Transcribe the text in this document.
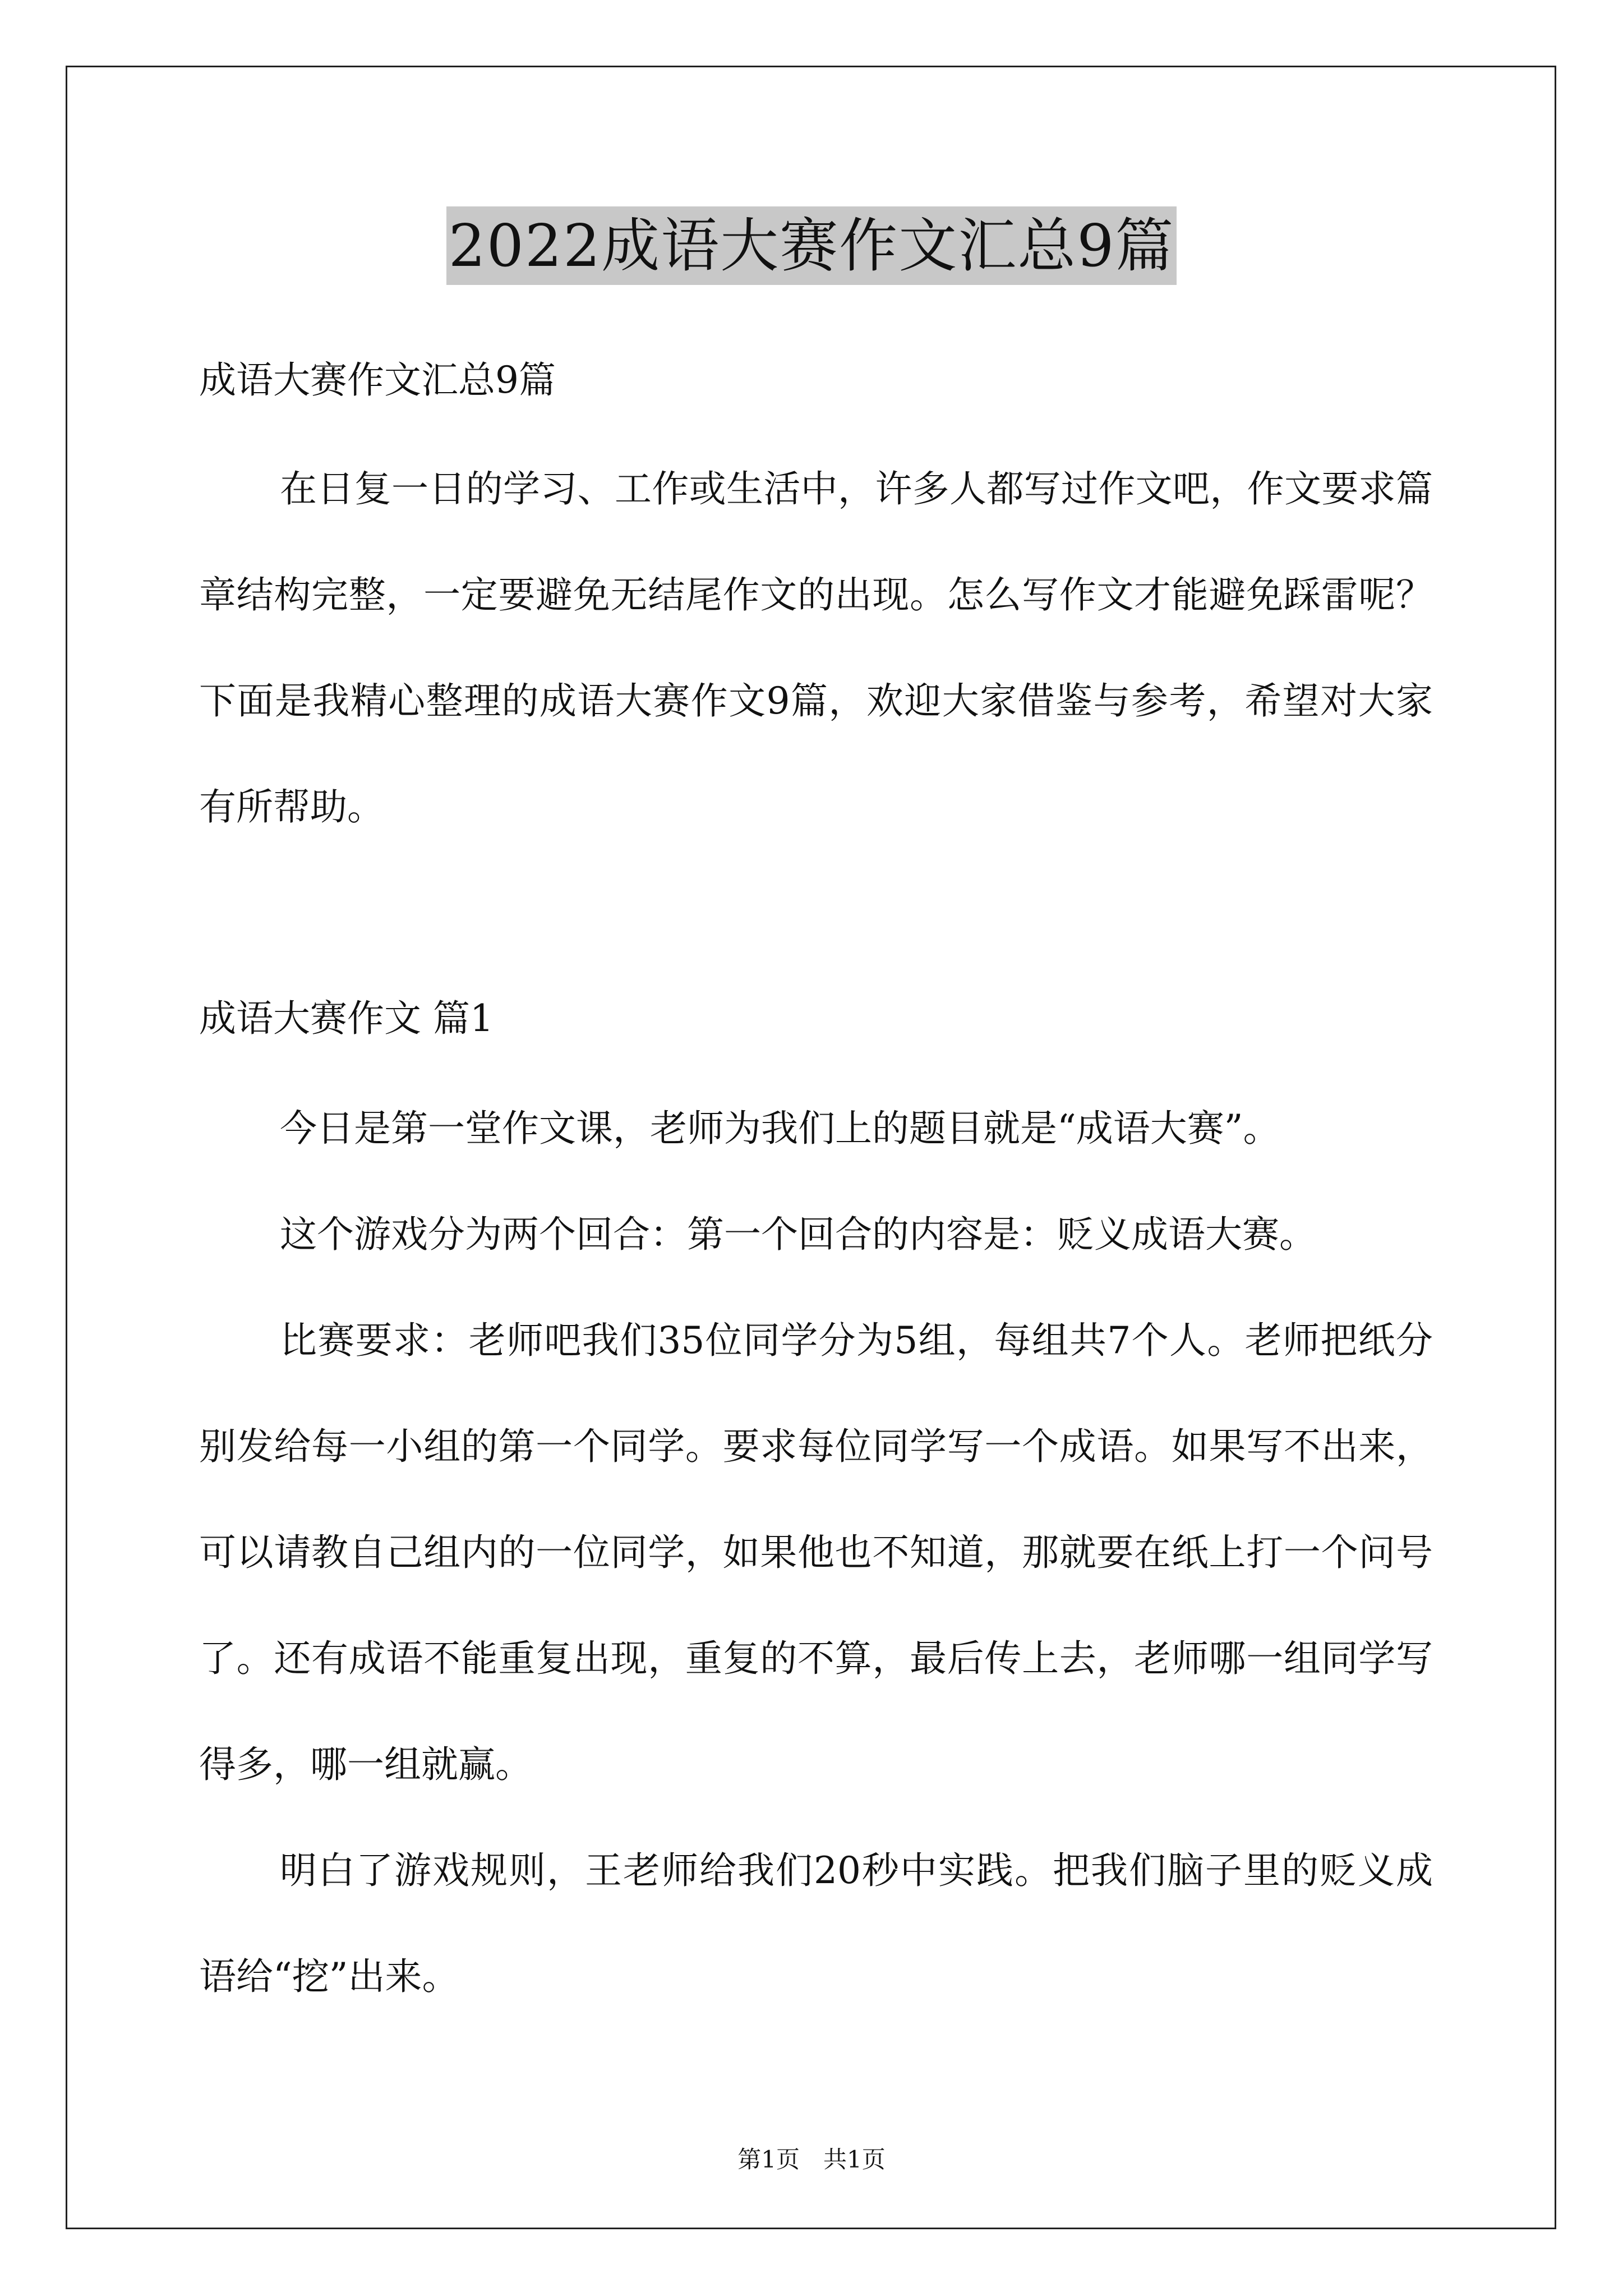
2022成语大赛作文汇总9篇

成语大赛作文汇总9篇

在日复一日的学习、工作或生活中，许多人都写过作文吧，作文要求篇章结构完整，一定要避免无结尾作文的出现。怎么写作文才能避免踩雷呢？下面是我精心整理的成语大赛作文9篇，欢迎大家借鉴与参考，希望对大家有所帮助。

成语大赛作文 篇1

今日是第一堂作文课，老师为我们上的题目就是“成语大赛”。

这个游戏分为两个回合：第一个回合的内容是：贬义成语大赛。

比赛要求：老师吧我们35位同学分为5组，每组共7个人。老师把纸分别发给每一小组的第一个同学。要求每位同学写一个成语。如果写不出来，可以请教自己组内的一位同学，如果他也不知道，那就要在纸上打一个问号了。还有成语不能重复出现，重复的不算，最后传上去，老师哪一组同学写得多，哪一组就赢。

明白了游戏规则，王老师给我们20秒中实践。把我们脑子里的贬义成语给“挖”出来。

第1页　共1页
